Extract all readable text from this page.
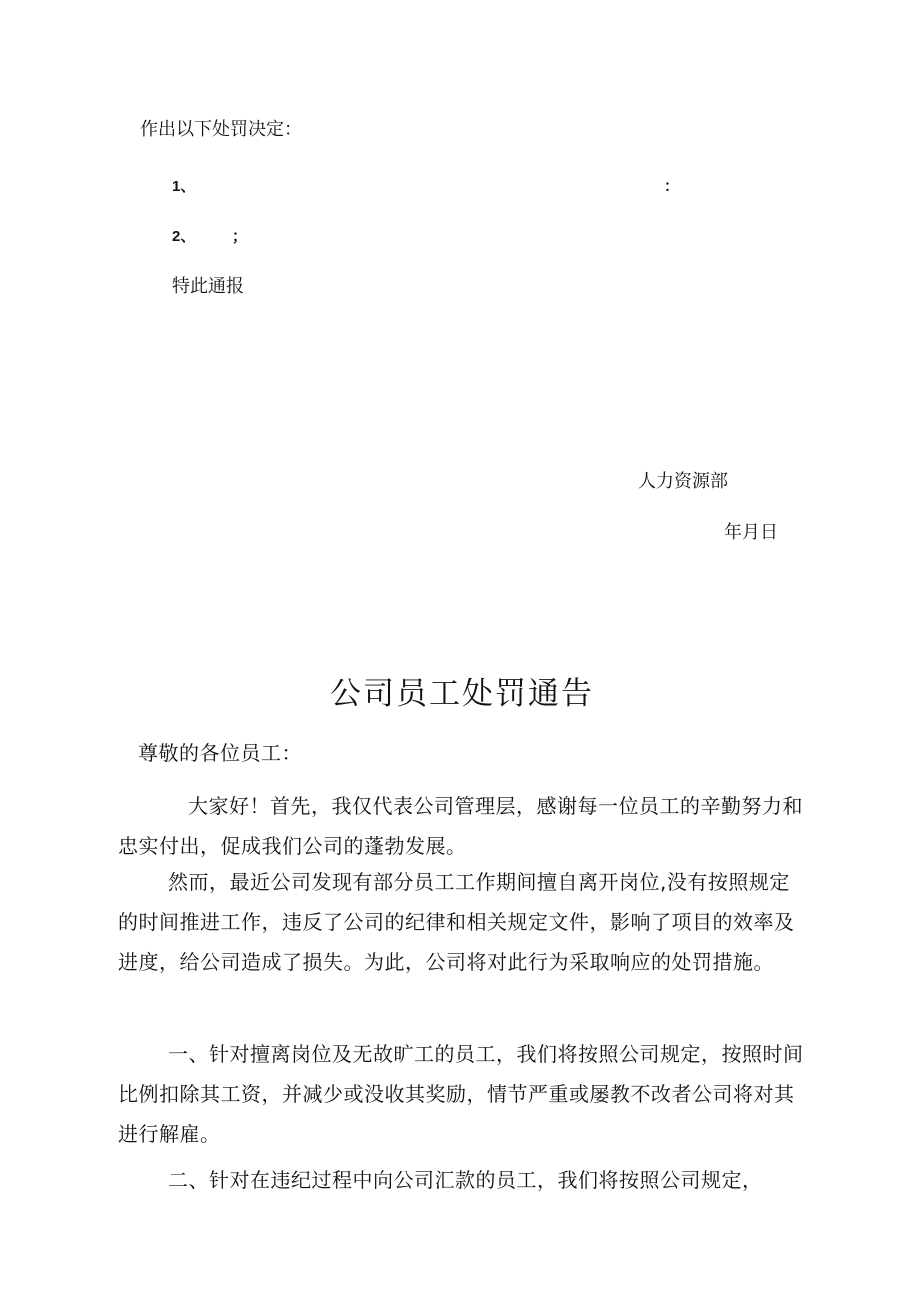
作出以下处罚决定：
1、	：
2、 ；
特此通报
人力资源部
年月日
公司员工处罚通告
尊敬的各位员工：
大家好！首先，我仅代表公司管理层，感谢每一位员工的辛勤努力和忠实付出，促成我们公司的蓬勃发展。
然而，最近公司发现有部分员工工作期间擅自离开岗位,没有按照规定的时间推进工作，违反了公司的纪律和相关规定文件，影响了项目的效率及进度，给公司造成了损失。为此，公司将对此行为采取响应的处罚措施。
一、针对擅离岗位及无故旷工的员工，我们将按照公司规定，按照时间比例扣除其工资，并减少或没收其奖励，情节严重或屡教不改者公司将对其进行解雇。
二、针对在违纪过程中向公司汇款的员工，我们将按照公司规定，
